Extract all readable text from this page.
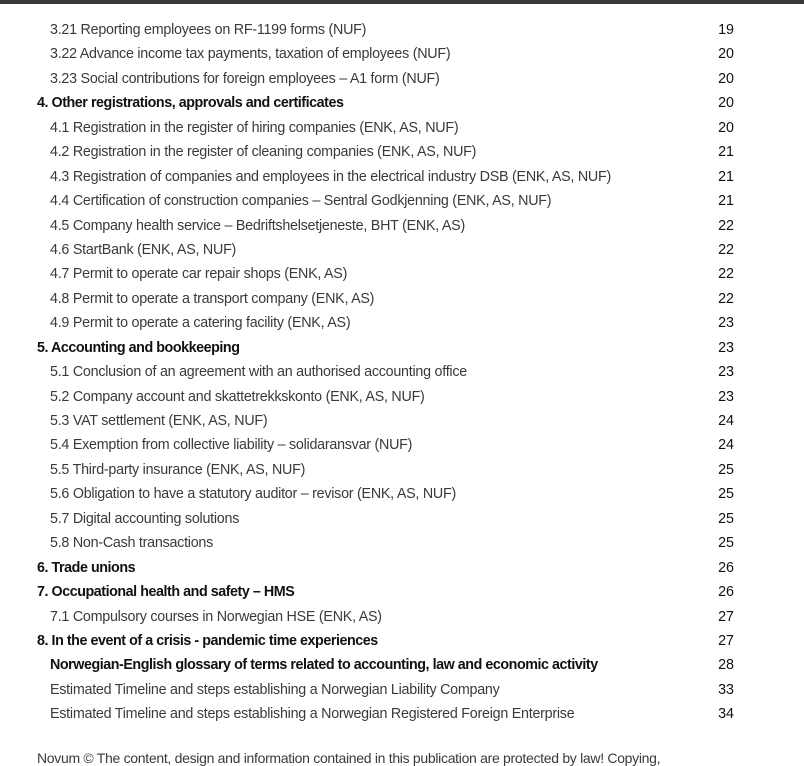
3.21 Reporting employees on RF-1199 forms (NUF)	19
3.22 Advance income tax payments, taxation of employees (NUF)	20
3.23 Social contributions for foreign employees – A1 form (NUF)	20
4. Other registrations, approvals and certificates	20
4.1 Registration in the register of hiring companies (ENK, AS, NUF)	20
4.2 Registration in the register of cleaning companies (ENK, AS, NUF)	21
4.3 Registration of companies and employees in the electrical industry DSB (ENK, AS, NUF)	21
4.4 Certification of construction companies – Sentral Godkjenning (ENK, AS, NUF)	21
4.5 Company health service – Bedriftshelsetjeneste, BHT (ENK, AS)	22
4.6 StartBank (ENK, AS, NUF)	22
4.7 Permit to operate car repair shops (ENK, AS)	22
4.8 Permit to operate a transport company (ENK, AS)	22
4.9 Permit to operate a catering facility (ENK, AS)	23
5. Accounting and bookkeeping	23
5.1 Conclusion of an agreement with an authorised accounting office	23
5.2 Company account and skattetrekkskonto (ENK, AS, NUF)	23
5.3 VAT settlement (ENK, AS, NUF)	24
5.4 Exemption from collective liability – solidaransvar (NUF)	24
5.5 Third-party insurance (ENK, AS, NUF)	25
5.6 Obligation to have a statutory auditor – revisor (ENK, AS, NUF)	25
5.7 Digital accounting solutions	25
5.8 Non-Cash transactions	25
6. Trade unions	26
7. Occupational health and safety – HMS	26
7.1 Compulsory courses in Norwegian HSE (ENK, AS)	27
8. In the event of a crisis - pandemic time experiences	27
Norwegian-English glossary of terms related to accounting, law and economic activity	28
Estimated Timeline and steps establishing a Norwegian Liability Company	33
Estimated Timeline and steps establishing a Norwegian Registered Foreign Enterprise	34
Novum © The content, design and information contained in this publication are protected by law! Copying,
